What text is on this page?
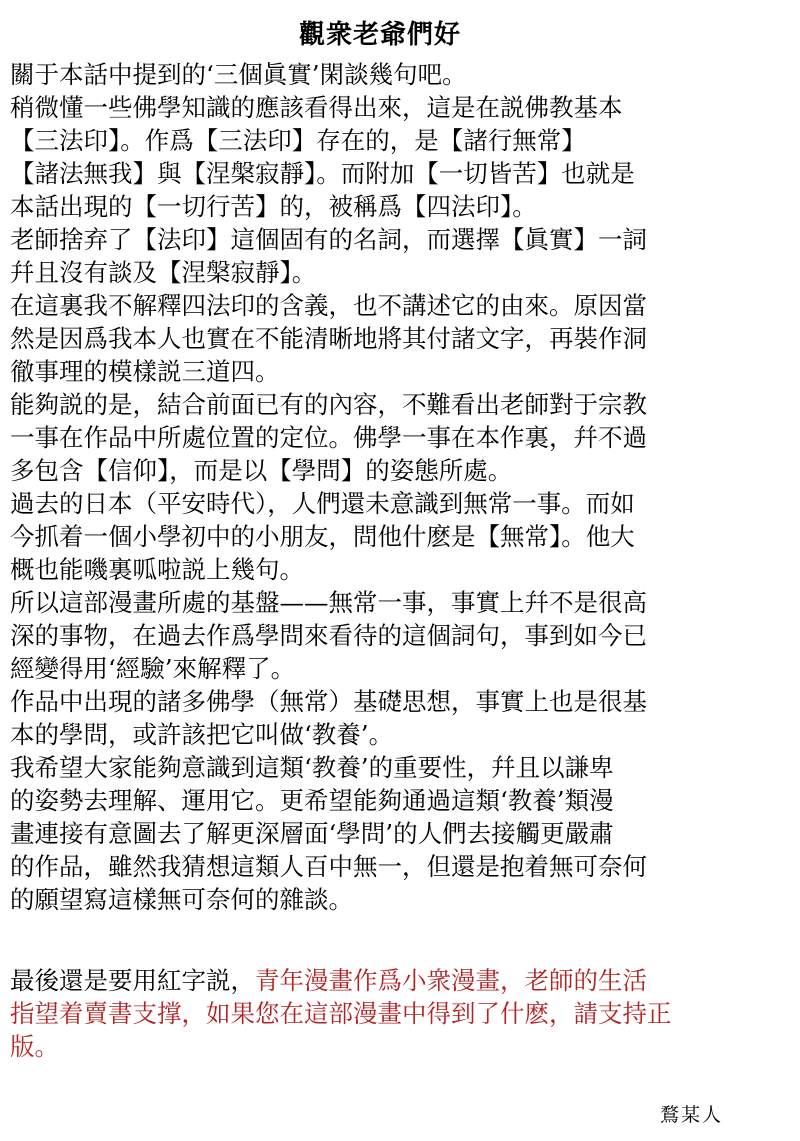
觀衆老爺們好
關于本話中提到的‘三個眞實’閑談幾句吧。
稍微懂一些佛學知識的應該看得出來，這是在説佛教基本
【三法印】。作爲【三法印】存在的，是【諸行無常】
【諸法無我】與【涅槃寂靜】。而附加【一切皆苦】也就是
本話出現的【一切行苦】的，被稱爲【四法印】。
老師捨弃了【法印】這個固有的名詞，而選擇【眞實】一詞
幷且沒有談及【涅槃寂靜】。
在這裏我不解釋四法印的含義，也不講述它的由來。原因當
然是因爲我本人也實在不能清晰地將其付諸文字，再裝作洞
徹事理的模樣説三道四。
能夠説的是，結合前面已有的內容，不難看出老師對于宗教
一事在作品中所處位置的定位。佛學一事在本作裏，幷不過
多包含【信仰】，而是以【學問】的姿態所處。
過去的日本（平安時代），人們還未意識到無常一事。而如
今抓着一個小學初中的小朋友，問他什麽是【無常】。他大
概也能嘰裏呱啦説上幾句。
所以這部漫畫所處的基盤——無常一事，事實上幷不是很高
深的事物，在過去作爲學問來看待的這個詞句，事到如今已
經變得用‘經驗’來解釋了。
作品中出現的諸多佛學（無常）基礎思想，事實上也是很基
本的學問，或許該把它叫做‘教養’。
我希望大家能夠意識到這類‘教養’的重要性，幷且以謙卑
的姿勢去理解、運用它。更希望能夠通過這類‘教養’類漫
畫連接有意圖去了解更深層面‘學問’的人們去接觸更嚴肅
的作品，雖然我猜想這類人百中無一，但還是抱着無可奈何
的願望寫這樣無可奈何的雜談。
最後還是要用紅字説，青年漫畫作爲小衆漫畫，老師的生活
指望着賣書支撑，如果您在這部漫畫中得到了什麽，請支持正
版。
鶩某人
